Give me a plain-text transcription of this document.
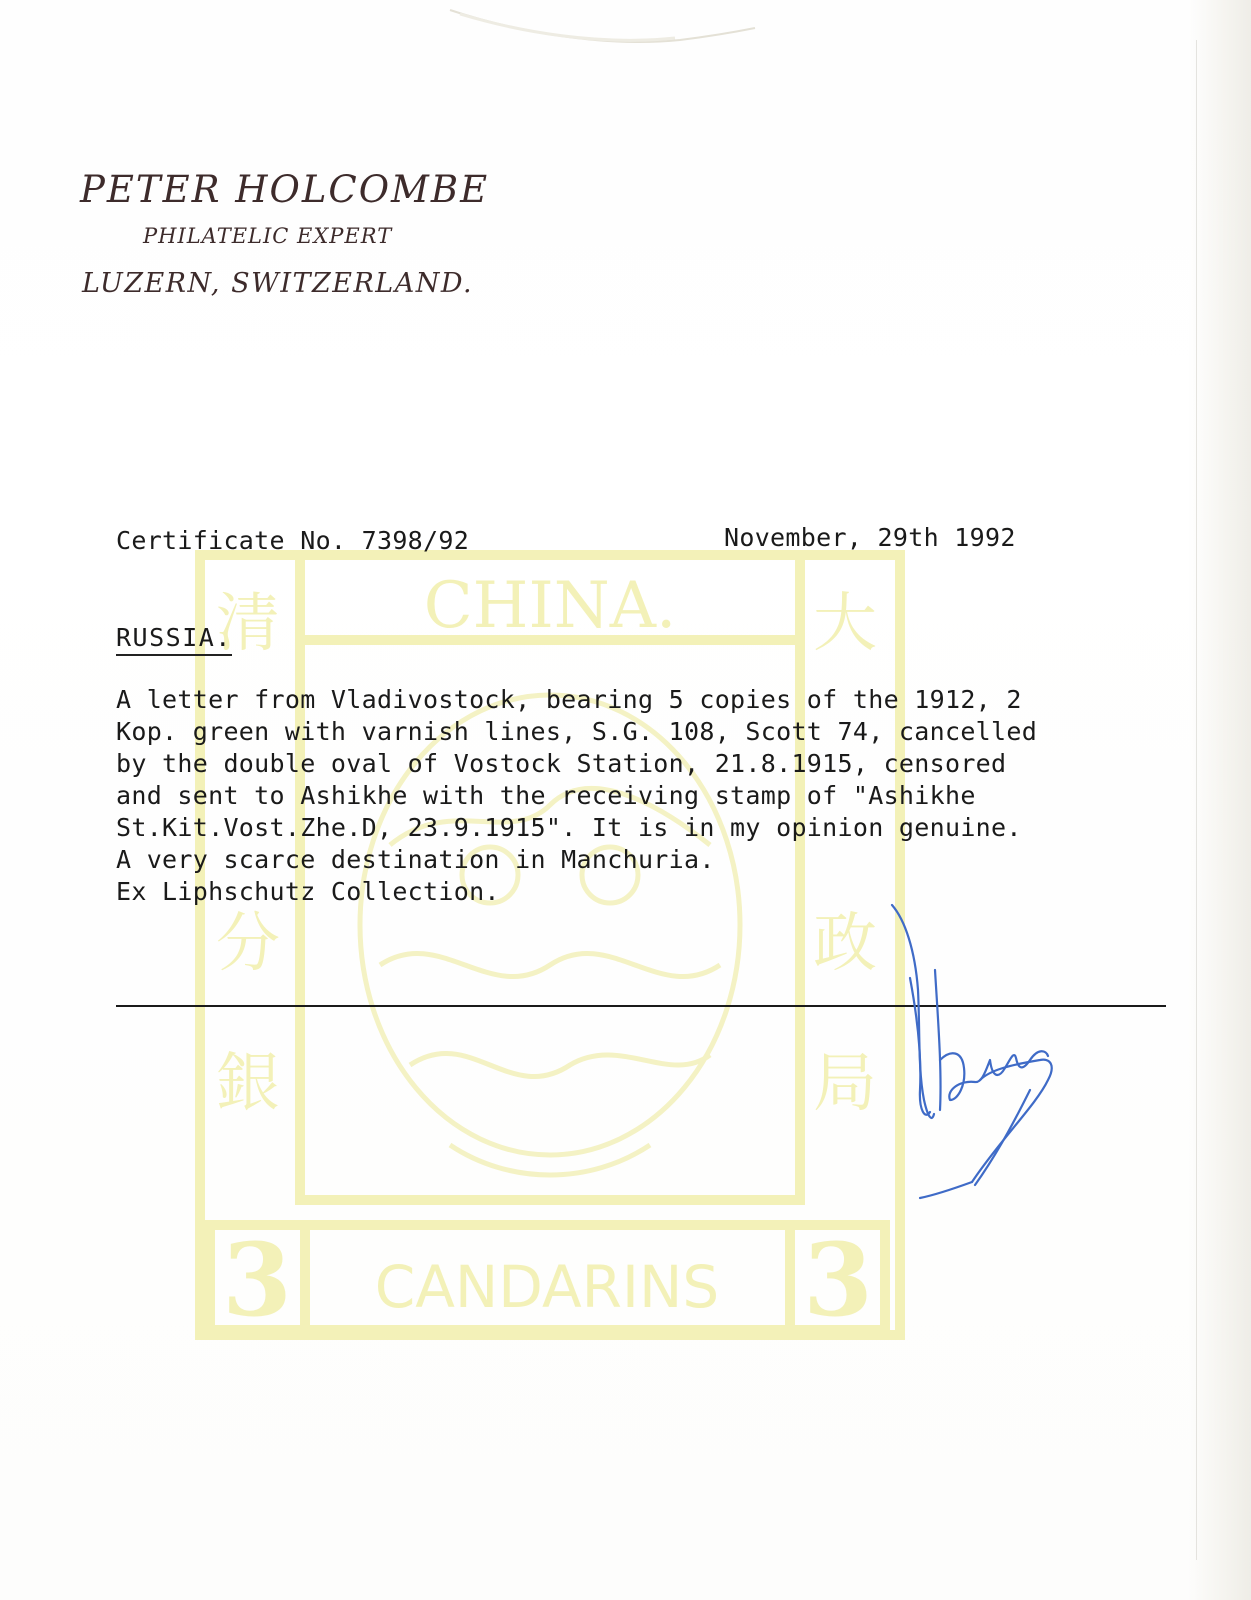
CHINA.
CANDARINS
3	3
清	大
分	政
銀	局
PETER HOLCOMBE
PHILATELIC EXPERT
LUZERN, SWITZERLAND.
Certificate No. 7398/92	November, 29th 1992
RUSSIA.
A letter from Vladivostock, bearing 5 copies of the 1912, 2
Kop. green with varnish lines, S.G. 108, Scott 74, cancelled
by the double oval of Vostock Station, 21.8.1915, censored
and sent to Ashikhe with the receiving stamp of "Ashikhe
St.Kit.Vost.Zhe.D, 23.9.1915". It is in my opinion genuine.
A very scarce destination in Manchuria.
Ex Liphschutz Collection.
